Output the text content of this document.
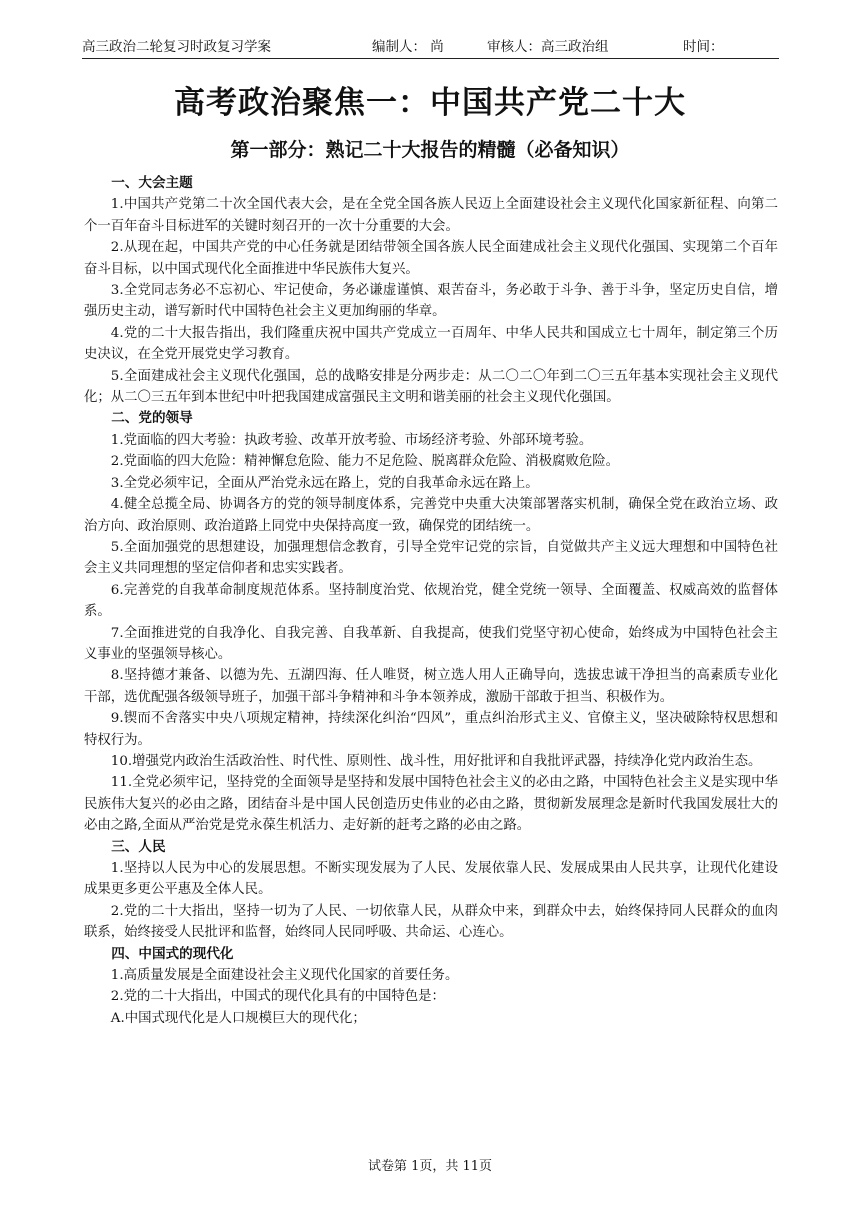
高三政治二轮复习时政复习学案	编制人： 尚	审核人：高三政治组	时间：
高考政治聚焦一：中国共产党二十大
第一部分：熟记二十大报告的精髓（必备知识）
一、大会主题

1.中国共产党第二十次全国代表大会，是在全党全国各族人民迈上全面建设社会主义现代化国家新征程、向第二个一百年奋斗目标进军的关键时刻召开的一次十分重要的大会。

2.从现在起，中国共产党的中心任务就是团结带领全国各族人民全面建成社会主义现代化强国、实现第二个百年奋斗目标，以中国式现代化全面推进中华民族伟大复兴。

3.全党同志务必不忘初心、牢记使命，务必谦虚谨慎、艰苦奋斗，务必敢于斗争、善于斗争，坚定历史自信，增强历史主动，谱写新时代中国特色社会主义更加绚丽的华章。

4.党的二十大报告指出，我们隆重庆祝中国共产党成立一百周年、中华人民共和国成立七十周年，制定第三个历史决议，在全党开展党史学习教育。

5.全面建成社会主义现代化强国，总的战略安排是分两步走：从二〇二〇年到二〇三五年基本实现社会主义现代化；从二〇三五年到本世纪中叶把我国建成富强民主文明和谐美丽的社会主义现代化强国。

二、党的领导

1.党面临的四大考验：执政考验、改革开放考验、市场经济考验、外部环境考验。

2.党面临的四大危险：精神懈怠危险、能力不足危险、脱离群众危险、消极腐败危险。

3.全党必须牢记，全面从严治党永远在路上，党的自我革命永远在路上。

4.健全总揽全局、协调各方的党的领导制度体系，完善党中央重大决策部署落实机制，确保全党在政治立场、政治方向、政治原则、政治道路上同党中央保持高度一致，确保党的团结统一。

5.全面加强党的思想建设，加强理想信念教育，引导全党牢记党的宗旨，自觉做共产主义远大理想和中国特色社会主义共同理想的坚定信仰者和忠实实践者。

6.完善党的自我革命制度规范体系。坚持制度治党、依规治党，健全党统一领导、全面覆盖、权威高效的监督体系。

7.全面推进党的自我净化、自我完善、自我革新、自我提高，使我们党坚守初心使命，始终成为中国特色社会主义事业的坚强领导核心。

8.坚持德才兼备、以德为先、五湖四海、任人唯贤，树立选人用人正确导向，选拔忠诚干净担当的高素质专业化干部，选优配强各级领导班子，加强干部斗争精神和斗争本领养成，激励干部敢于担当、积极作为。

9.锲而不舍落实中央八项规定精神，持续深化纠治“四风”，重点纠治形式主义、官僚主义，坚决破除特权思想和特权行为。

10.增强党内政治生活政治性、时代性、原则性、战斗性，用好批评和自我批评武器，持续净化党内政治生态。

11.全党必须牢记，坚持党的全面领导是坚持和发展中国特色社会主义的必由之路，中国特色社会主义是实现中华民族伟大复兴的必由之路，团结奋斗是中国人民创造历史伟业的必由之路，贯彻新发展理念是新时代我国发展壮大的必由之路,全面从严治党是党永葆生机活力、走好新的赶考之路的必由之路。

三、人民

1.坚持以人民为中心的发展思想。不断实现发展为了人民、发展依靠人民、发展成果由人民共享，让现代化建设成果更多更公平惠及全体人民。

2.党的二十大指出，坚持一切为了人民、一切依靠人民，从群众中来，到群众中去，始终保持同人民群众的血肉联系，始终接受人民批评和监督，始终同人民同呼吸、共命运、心连心。

四、中国式的现代化

1.高质量发展是全面建设社会主义现代化国家的首要任务。

2.党的二十大指出，中国式的现代化具有的中国特色是：

A.中国式现代化是人口规模巨大的现代化；

试卷第 1页，共 11页
